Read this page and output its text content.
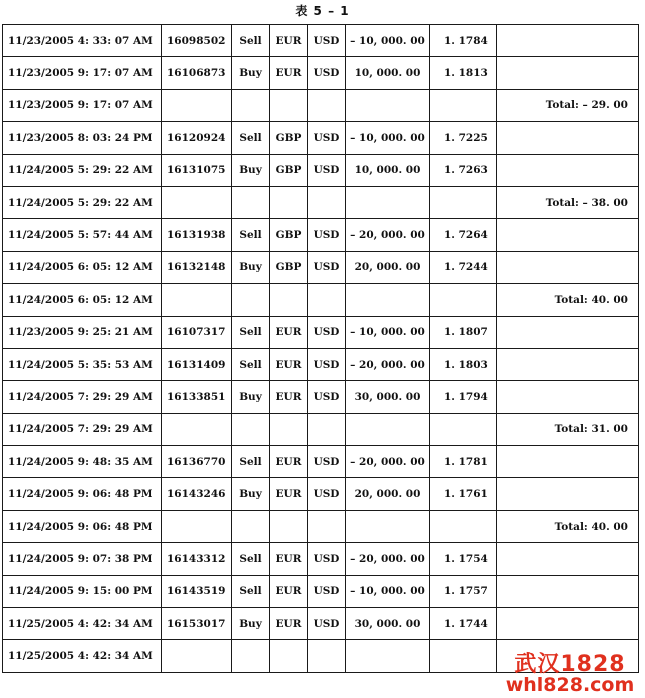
表 5 – 1
11/23/2005 4: 33: 07 AM	16098502	Sell	EUR	USD	– 10, 000. 00	1. 1784	
11/23/2005 9: 17: 07 AM	16106873	Buy	EUR	USD	10, 000. 00	1. 1813	
11/23/2005 9: 17: 07 AM							Total: – 29. 00
11/23/2005 8: 03: 24 PM	16120924	Sell	GBP	USD	– 10, 000. 00	1. 7225	
11/24/2005 5: 29: 22 AM	16131075	Buy	GBP	USD	10, 000. 00	1. 7263	
11/24/2005 5: 29: 22 AM							Total: – 38. 00
11/24/2005 5: 57: 44 AM	16131938	Sell	GBP	USD	– 20, 000. 00	1. 7264	
11/24/2005 6: 05: 12 AM	16132148	Buy	GBP	USD	20, 000. 00	1. 7244	
11/24/2005 6: 05: 12 AM							Total: 40. 00
11/23/2005 9: 25: 21 AM	16107317	Sell	EUR	USD	– 10, 000. 00	1. 1807	
11/24/2005 5: 35: 53 AM	16131409	Sell	EUR	USD	– 20, 000. 00	1. 1803	
11/24/2005 7: 29: 29 AM	16133851	Buy	EUR	USD	30, 000. 00	1. 1794	
11/24/2005 7: 29: 29 AM							Total: 31. 00
11/24/2005 9: 48: 35 AM	16136770	Sell	EUR	USD	– 20, 000. 00	1. 1781	
11/24/2005 9: 06: 48 PM	16143246	Buy	EUR	USD	20, 000. 00	1. 1761	
11/24/2005 9: 06: 48 PM							Total: 40. 00
11/24/2005 9: 07: 38 PM	16143312	Sell	EUR	USD	– 20, 000. 00	1. 1754	
11/24/2005 9: 15: 00 PM	16143519	Sell	EUR	USD	– 10, 000. 00	1. 1757	
11/25/2005 4: 42: 34 AM	16153017	Buy	EUR	USD	30, 000. 00	1. 1744	
11/25/2005 4: 42: 34 AM								武汉1828
whl828.com
